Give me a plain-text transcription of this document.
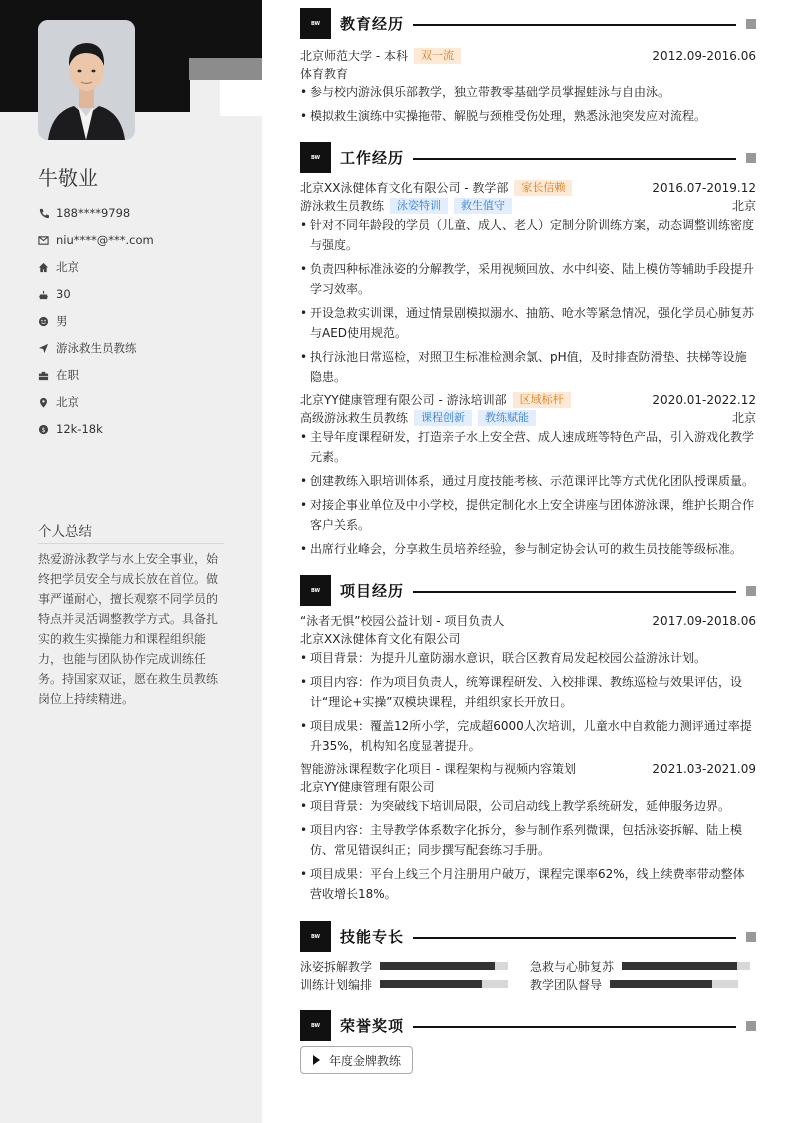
牛敬业
188****9798
niu****@***.com
北京
30
男
游泳救生员教练
在职
北京
$ 12k-18k
个人总结
热爱游泳教学与水上安全事业，始终把学员安全与成长放在首位。做事严谨耐心，擅长观察不同学员的特点并灵活调整教学方式。具备扎实的救生实操能力和课程组织能力，也能与团队协作完成训练任务。持国家双证，愿在救生员教练岗位上持续精进。
BW	教育经历
北京师范大学 - 本科	双一流	2012.09-2016.06
体育教育
• 参与校内游泳俱乐部教学，独立带教零基础学员掌握蛙泳与自由泳。
• 模拟救生演练中实操拖带、解脱与颈椎受伤处理，熟悉泳池突发应对流程。
BW	工作经历
北京XX泳健体育文化有限公司 - 教学部	家长信赖	2016.07-2019.12
游泳救生员教练	泳姿特训	救生值守	北京
• 针对不同年龄段的学员（儿童、成人、老人）定制分阶训练方案，动态调整训练密度与强度。
• 负责四种标准泳姿的分解教学，采用视频回放、水中纠姿、陆上模仿等辅助手段提升学习效率。
• 开设急救实训课，通过情景剧模拟溺水、抽筋、呛水等紧急情况，强化学员心肺复苏与AED使用规范。
• 执行泳池日常巡检，对照卫生标准检测余氯、pH值，及时排查防滑垫、扶梯等设施隐患。
北京YY健康管理有限公司 - 游泳培训部	区域标杆	2020.01-2022.12
高级游泳救生员教练	课程创新	教练赋能	北京
• 主导年度课程研发，打造亲子水上安全营、成人速成班等特色产品，引入游戏化教学元素。
• 创建教练入职培训体系，通过月度技能考核、示范课评比等方式优化团队授课质量。
• 对接企事业单位及中小学校，提供定制化水上安全讲座与团体游泳课，维护长期合作客户关系。
• 出席行业峰会，分享救生员培养经验，参与制定协会认可的救生员技能等级标准。
BW	项目经历
“泳者无惧”校园公益计划 - 项目负责人	2017.09-2018.06
北京XX泳健体育文化有限公司
• 项目背景：为提升儿童防溺水意识，联合区教育局发起校园公益游泳计划。
• 项目内容：作为项目负责人，统筹课程研发、入校排课、教练巡检与效果评估，设计“理论+实操”双模块课程，并组织家长开放日。
• 项目成果：覆盖12所小学，完成超6000人次培训，儿童水中自救能力测评通过率提升35%，机构知名度显著提升。
智能游泳课程数字化项目 - 课程架构与视频内容策划	2021.03-2021.09
北京YY健康管理有限公司
• 项目背景：为突破线下培训局限，公司启动线上教学系统研发，延伸服务边界。
• 项目内容：主导教学体系数字化拆分，参与制作系列微课，包括泳姿拆解、陆上模仿、常见错误纠正；同步撰写配套练习手册。
• 项目成果：平台上线三个月注册用户破万，课程完课率62%，线上续费率带动整体营收增长18%。
BW	技能专长
泳姿拆解教学	急救与心肺复苏
训练计划编排	教学团队督导
BW	荣誉奖项
年度金牌教练
